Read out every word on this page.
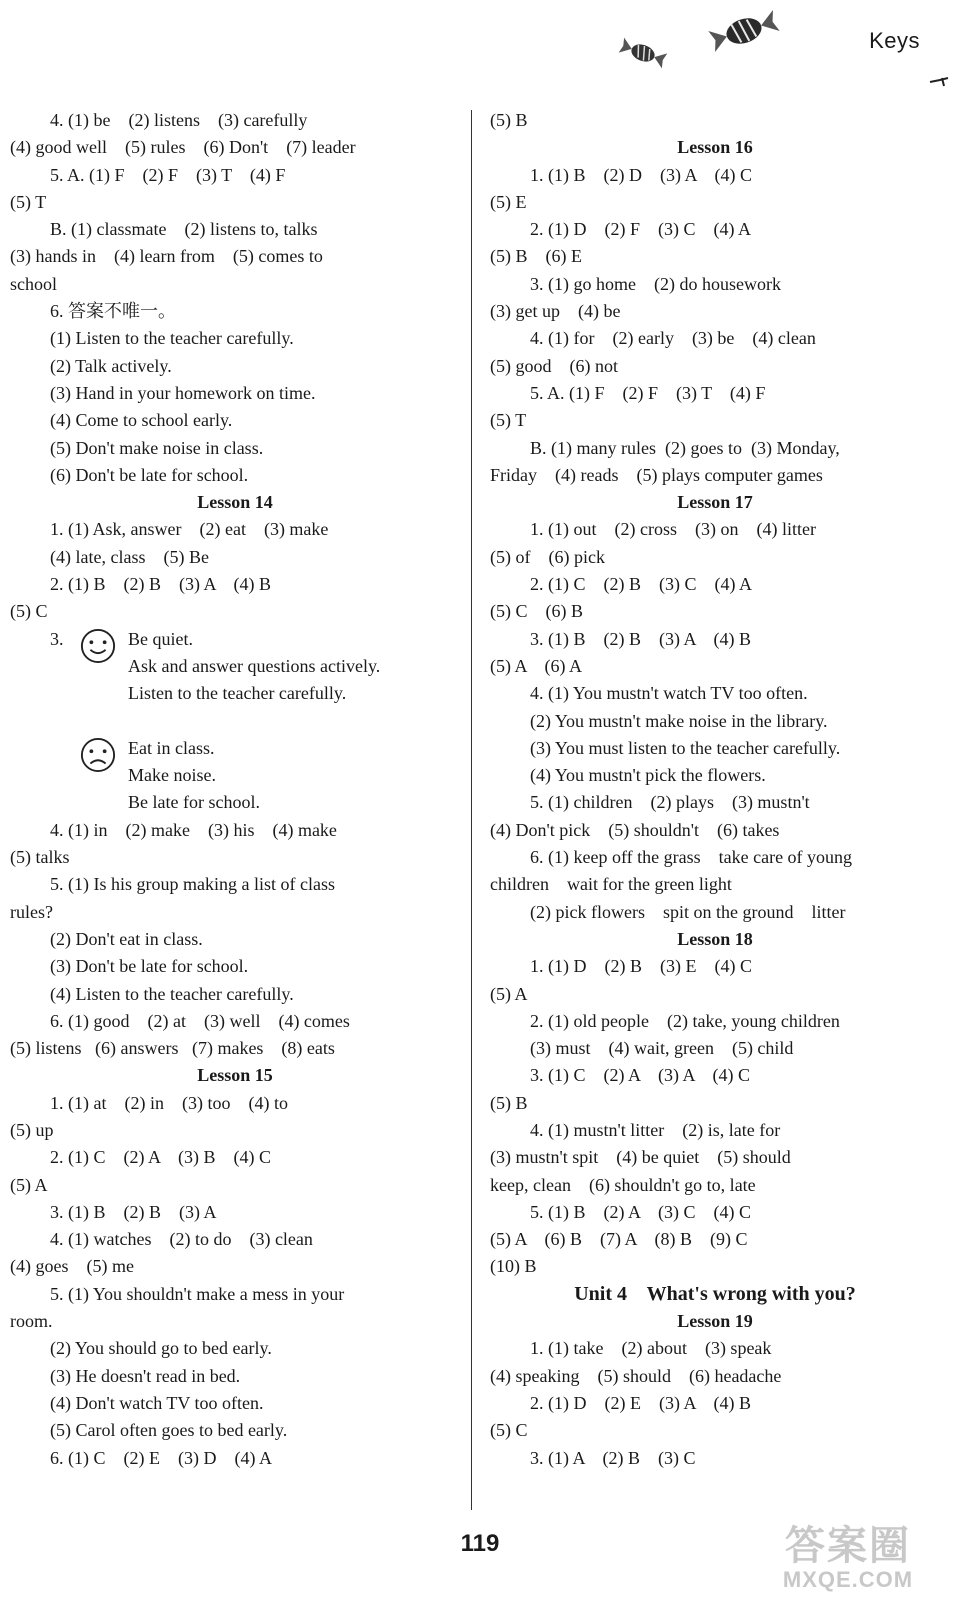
Keys
4. (1) be    (2) listens    (3) carefully
(4) good well    (5) rules    (6) Don't    (7) leader
5. A. (1) F    (2) F    (3) T    (4) F
(5) T
B. (1) classmate    (2) listens to, talks
(3) hands in    (4) learn from    (5) comes to
school
6. 答案不唯一。
(1) Listen to the teacher carefully.
(2) Talk actively.
(3) Hand in your homework on time.
(4) Come to school early.
(5) Don't make noise in class.
(6) Don't be late for school.
Lesson 14
1. (1) Ask, answer    (2) eat    (3) make
(4) late, class    (5) Be
2. (1) B    (2) B    (3) A    (4) B
(5) C
3.	Be quiet.
Ask and answer questions actively.
Listen to the teacher carefully.
Eat in class.
Make noise.
Be late for school.
4. (1) in    (2) make    (3) his    (4) make
(5) talks
5. (1) Is his group making a list of class
rules?
(2) Don't eat in class.
(3) Don't be late for school.
(4) Listen to the teacher carefully.
6. (1) good    (2) at    (3) well    (4) comes
(5) listens   (6) answers   (7) makes    (8) eats
Lesson 15
1. (1) at    (2) in    (3) too    (4) to
(5) up
2. (1) C    (2) A    (3) B    (4) C
(5) A
3. (1) B    (2) B    (3) A
4. (1) watches    (2) to do    (3) clean
(4) goes    (5) me
5. (1) You shouldn't make a mess in your
room.
(2) You should go to bed early.
(3) He doesn't read in bed.
(4) Don't watch TV too often.
(5) Carol often goes to bed early.
6. (1) C    (2) E    (3) D    (4) A
(5) B
Lesson 16
1. (1) B    (2) D    (3) A    (4) C
(5) E
2. (1) D    (2) F    (3) C    (4) A
(5) B    (6) E
3. (1) go home    (2) do housework
(3) get up    (4) be
4. (1) for    (2) early    (3) be    (4) clean
(5) good    (6) not
5. A. (1) F    (2) F    (3) T    (4) F
(5) T
B. (1) many rules  (2) goes to  (3) Monday,
Friday    (4) reads    (5) plays computer games
Lesson 17
1. (1) out    (2) cross    (3) on    (4) litter
(5) of    (6) pick
2. (1) C    (2) B    (3) C    (4) A
(5) C    (6) B
3. (1) B    (2) B    (3) A    (4) B
(5) A    (6) A
4. (1) You mustn't watch TV too often.
(2) You mustn't make noise in the library.
(3) You must listen to the teacher carefully.
(4) You mustn't pick the flowers.
5. (1) children    (2) plays    (3) mustn't
(4) Don't pick    (5) shouldn't    (6) takes
6. (1) keep off the grass    take care of young
children    wait for the green light
(2) pick flowers    spit on the ground    litter
Lesson 18
1. (1) D    (2) B    (3) E    (4) C
(5) A
2. (1) old people    (2) take, young children
(3) must    (4) wait, green    (5) child
3. (1) C    (2) A    (3) A    (4) C
(5) B
4. (1) mustn't litter    (2) is, late for
(3) mustn't spit    (4) be quiet    (5) should
keep, clean    (6) shouldn't go to, late
5. (1) B    (2) A    (3) C    (4) C
(5) A    (6) B    (7) A    (8) B    (9) C
(10) B
Unit 4    What's wrong with you?
Lesson 19
1. (1) take    (2) about    (3) speak
(4) speaking    (5) should    (6) headache
2. (1) D    (2) E    (3) A    (4) B
(5) C
3. (1) A    (2) B    (3) C
119	答案圈
MXQE.COM
